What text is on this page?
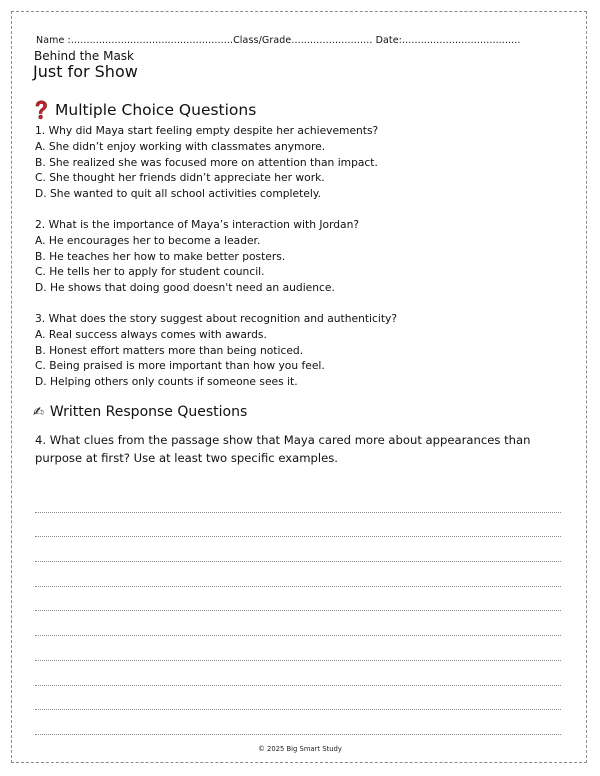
Name :....................................................Class/Grade.......................... Date:......................................
Behind the Mask
Just for Show
Multiple Choice Questions
1. Why did Maya start feeling empty despite her achievements?
A. She didn’t enjoy working with classmates anymore.
B. She realized she was focused more on attention than impact.
C. She thought her friends didn’t appreciate her work.
D. She wanted to quit all school activities completely.
2. What is the importance of Maya’s interaction with Jordan?
A. He encourages her to become a leader.
B. He teaches her how to make better posters.
C. He tells her to apply for student council.
D. He shows that doing good doesn't need an audience.
3. What does the story suggest about recognition and authenticity?
A. Real success always comes with awards.
B. Honest effort matters more than being noticed.
C. Being praised is more important than how you feel.
D. Helping others only counts if someone sees it.
✍ Written Response Questions
4. What clues from the passage show that Maya cared more about appearances than purpose at first? Use at least two specific examples.
© 2025 Big Smart Study
